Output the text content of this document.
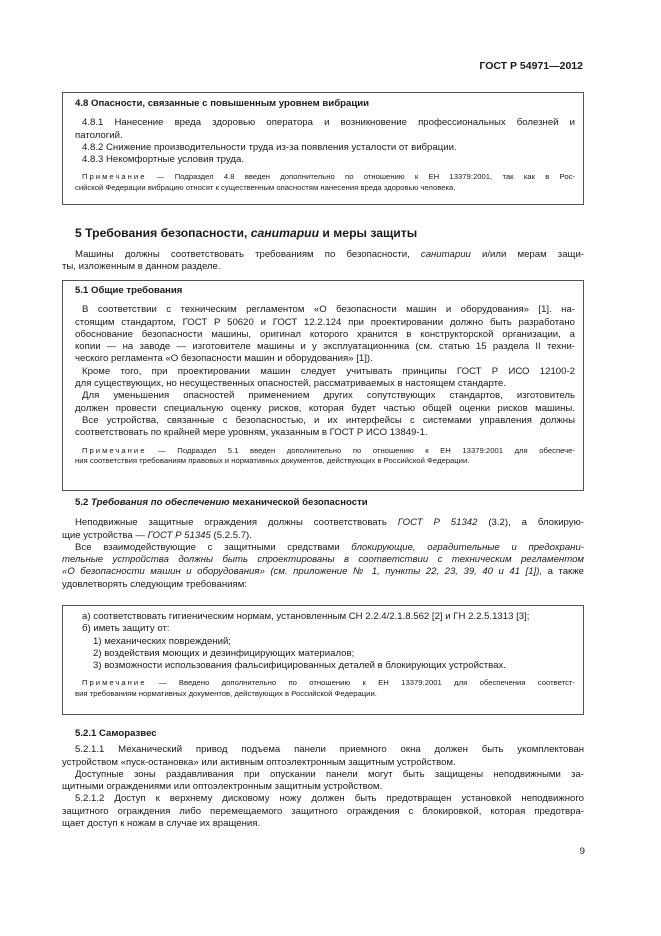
ГОСТ Р 54971—2012
4.8 Опасности, связанные с повышенным уровнем вибрации
4.8.1 Нанесение вреда здоровью оператора и возникновение профессиональных болезней и
патологий.
4.8.2 Снижение производительности труда из-за появления усталости от вибрации.
4.8.3 Некомфортные условия труда.
Примечание — Подраздел 4.8 введен дополнительно по отношению к ЕН 13379:2001, так как в Рос-
сийской Федерации вибрацию относят к существенным опасностям нанесения вреда здоровью человека.
5 Требования безопасности, санитарии и меры защиты
Машины должны соответствовать требованиям по безопасности, санитарии и/или мерам защи-
ты, изложенным в данном разделе.
5.1 Общие требования
В соответствии с техническим регламентом «О безопасности машин и оборудования» [1]. на-
стоящим стандартом, ГОСТ Р 50620 и ГОСТ 12.2.124 при проектировании должно быть разработано
обоснование безопасности машины, оригинал которого хранится в конструкторской организации, а
копии — на заводе — изготовителе машины и у эксплуатационника (см. статью 15 раздела II техни-
ческого регламента «О безопасности машин и оборудования» [1]).
Кроме того, при проектировании машин следует учитывать принципы ГОСТ Р ИСО 12100-2
для существующих, но несущественных опасностей, рассматриваемых в настоящем стандарте.
Для уменьшения опасностей применением других сопутствующих стандартов, изготовитель
должен провести специальную оценку рисков, которая будет частью общей оценки рисков машины.
Все устройства, связанные с безопасностью, и их интерфейсы с системами управления должны
соответствовать по крайней мере уровням, указанным в ГОСТ Р ИСО 13849-1.
Примечание — Подраздел 5.1 введен дополнительно по отношению к ЕН 13379:2001 для обеспече-
ния соответствия требованиям правовых и нормативных документов, действующих в Российской Федерации.
5.2 Требования по обеспечению механической безопасности
Неподвижные защитные ограждения должны соответствовать ГОСТ Р 51342 (3.2), а блокирую-
щие устройства — ГОСТ Р 51345 (5.2.5.7).
Все взаимодействующие с защитными средствами блокирующие, оградительные и предохрани-
тельные устройства должны быть спроектированы в соответствии с техническим регламентом
«О безопасности машин и оборудования» (см. приложение № 1, пункты 22, 23, 39, 40 и 41 [1]), а также
удовлетворять следующим требованиям:
а) соответствовать гигиеническим нормам, установленным СН 2.2.4/2.1.8.562 [2] и ГН 2.2.5.1313 [3];
б) иметь защиту от:
1) механических повреждений;
2) воздействия моющих и дезинфицирующих материалов;
3) возможности использования фальсифицированных деталей в блокирующих устройствах.
Примечание — Введено дополнительно по отношению к ЕН 13379:2001 для обеспечения соответст-
вия требованиям нормативных документов, действующих в Российской Федерации.
5.2.1 Саморазвес
5.2.1.1 Механический привод подъема панели приемного окна должен быть укомплектован
устройством «пуск-остановка» или активным оптоэлектронным защитным устройством.
Доступные зоны раздавливания при опускании панели могут быть защищены неподвижными за-
щитными ограждениями или оптоэлектронным защитным устройством.
5.2.1.2 Доступ к верхнему дисковому ножу должен быть предотвращен установкой неподвижного
защитного ограждения либо перемещаемого защитного ограждения с блокировкой, которая предотвра-
щает доступ к ножам в случае их вращения.
9
